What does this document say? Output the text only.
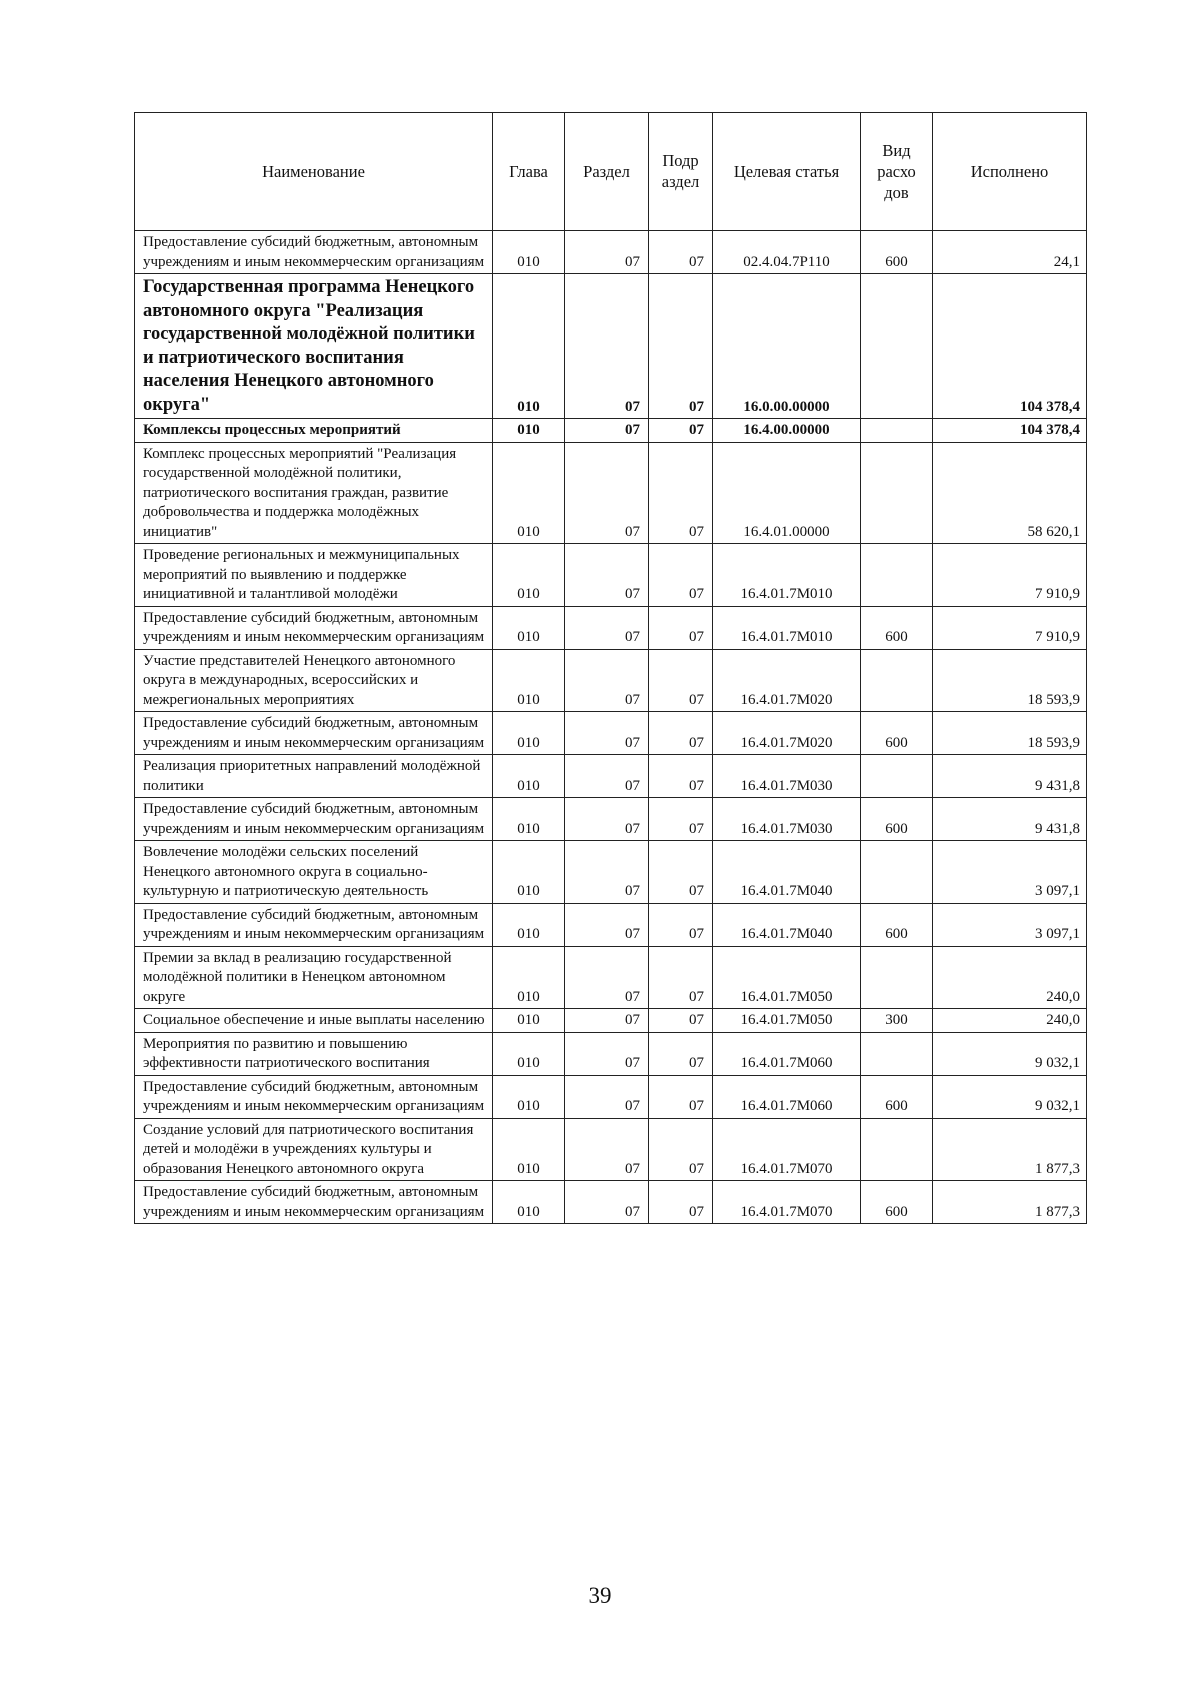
Наименование	Глава	Раздел	Подр аздел	Целевая статья	Вид расхо дов	Исполнено
Предоставление субсидий бюджетным, автономным учреждениям и иным некоммерческим организациям	010	07	07	02.4.04.7P110	600	24,1
Государственная программа Ненецкого автономного округа "Реализация государственной молодёжной политики и патриотического воспитания населения Ненецкого автономного округа"	010	07	07	16.0.00.00000		104 378,4
Комплексы процессных мероприятий	010	07	07	16.4.00.00000		104 378,4
Комплекс процессных мероприятий "Реализация государственной молодёжной политики, патриотического воспитания граждан, развитие добровольчества и поддержка молодёжных инициатив"	010	07	07	16.4.01.00000		58 620,1
Проведение региональных и межмуниципальных мероприятий по выявлению и поддержке инициативной и талантливой молодёжи	010	07	07	16.4.01.7M010		7 910,9
Предоставление субсидий бюджетным, автономным учреждениям и иным некоммерческим организациям	010	07	07	16.4.01.7M010	600	7 910,9
Участие представителей Ненецкого автономного округа в международных, всероссийских и межрегиональных мероприятиях	010	07	07	16.4.01.7M020		18 593,9
Предоставление субсидий бюджетным, автономным учреждениям и иным некоммерческим организациям	010	07	07	16.4.01.7M020	600	18 593,9
Реализация приоритетных направлений молодёжной политики	010	07	07	16.4.01.7M030		9 431,8
Предоставление субсидий бюджетным, автономным учреждениям и иным некоммерческим организациям	010	07	07	16.4.01.7M030	600	9 431,8
Вовлечение молодёжи сельских поселений Ненецкого автономного округа в социально-культурную и патриотическую деятельность	010	07	07	16.4.01.7M040		3 097,1
Предоставление субсидий бюджетным, автономным учреждениям и иным некоммерческим организациям	010	07	07	16.4.01.7M040	600	3 097,1
Премии за вклад в реализацию государственной молодёжной политики в Ненецком автономном округе	010	07	07	16.4.01.7M050		240,0
Социальное обеспечение и иные выплаты населению	010	07	07	16.4.01.7M050	300	240,0
Мероприятия по развитию и повышению эффективности патриотического воспитания	010	07	07	16.4.01.7M060		9 032,1
Предоставление субсидий бюджетным, автономным учреждениям и иным некоммерческим организациям	010	07	07	16.4.01.7M060	600	9 032,1
Создание условий для патриотического воспитания детей и молодёжи в учреждениях культуры и образования Ненецкого автономного округа	010	07	07	16.4.01.7M070		1 877,3
Предоставление субсидий бюджетным, автономным учреждениям и иным некоммерческим организациям	010	07	07	16.4.01.7M070	600	1 877,3
39
